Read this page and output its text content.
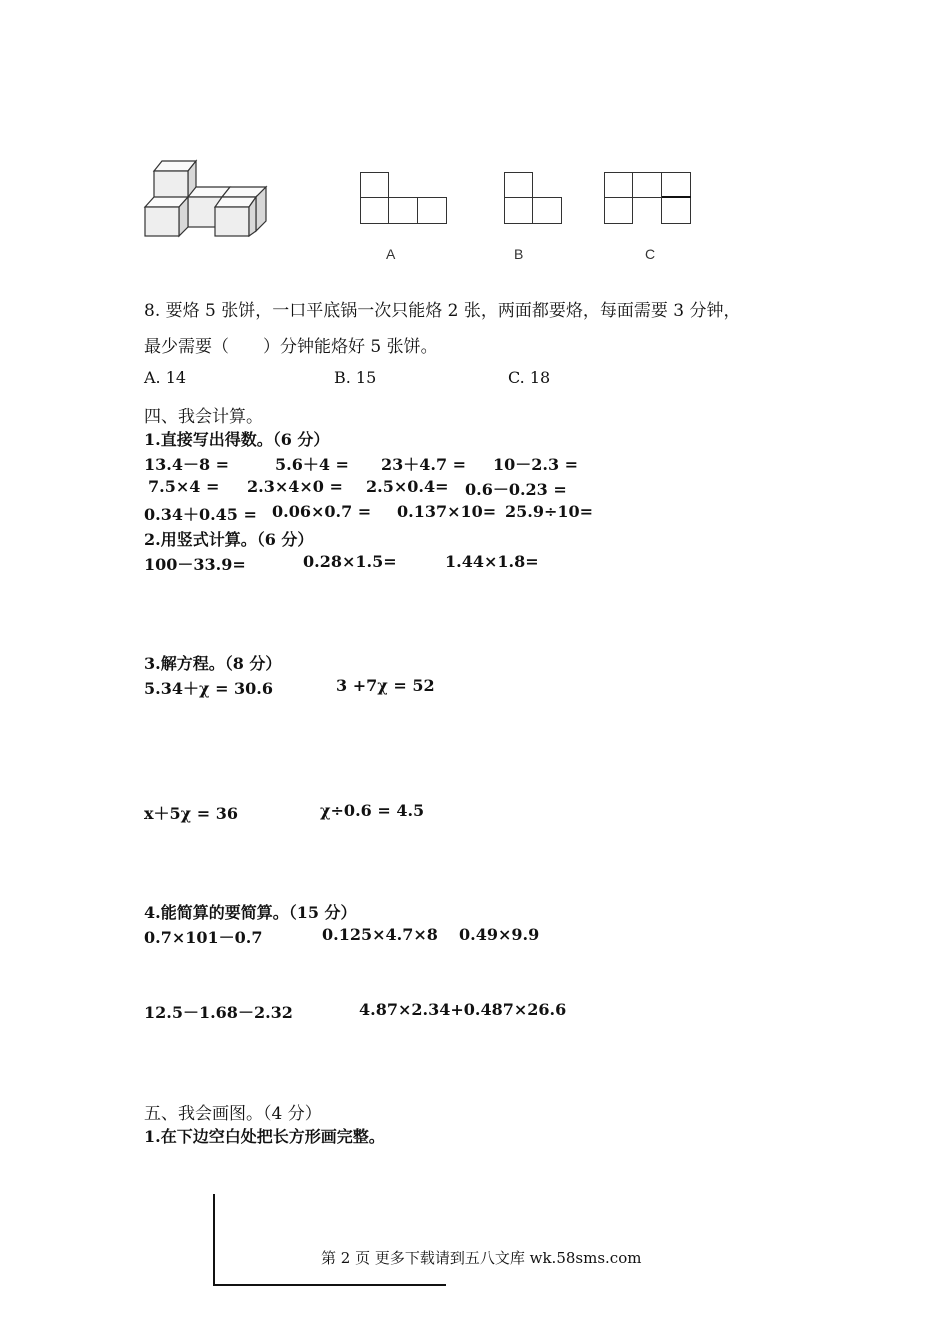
A	B	C
8. 要烙 5 张饼，一口平底锅一次只能烙 2 张，两面都要烙，每面需要 3 分钟，
最少需要（　　）分钟能烙好 5 张饼。
A. 14	B. 15	C. 18
四、我会计算。
1.直接写出得数。（6 分）
13.4－8 =	5.6＋4 = 23＋4.7 = 10－2.3 =
7.5×4 = 2.3×4×0 = 2.5×0.4= 0.6－0.23 =
0.34＋0.45 = 0.06×0.7 = 0.137×10= 25.9÷10=
2.用竖式计算。（6 分）
100－33.9=	0.28×1.5=	1.44×1.8=
3.解方程。（8 分）
5.34＋χ = 30.6	3 +7χ = 52
x＋5χ = 36	χ÷0.6 = 4.5
4.能简算的要简算。（15 分）
0.7×101－0.7	0.125×4.7×8 0.49×9.9
12.5－1.68－2.32	4.87×2.34+0.487×26.6
五、我会画图。（4 分）
1.在下边空白处把长方形画完整。
第 2 页 更多下载请到五八文库 wk.58sms.com
